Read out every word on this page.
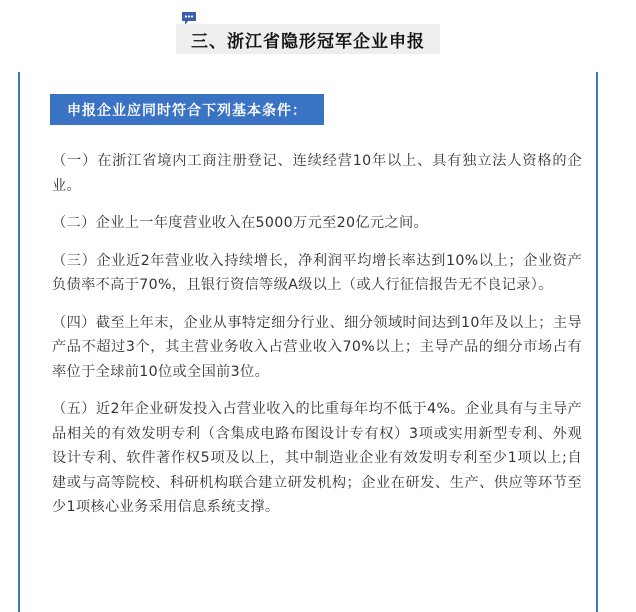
三、浙江省隐形冠军企业申报
申报企业应同时符合下列基本条件：

（一）在浙江省境内工商注册登记、连续经营10年以上、具有独立法人资格的企业。

（二）企业上一年度营业收入在5000万元至20亿元之间。

（三）企业近2年营业收入持续增长，净利润平均增长率达到10%以上；企业资产负债率不高于70%，且银行资信等级A级以上（或人行征信报告无不良记录）。

（四）截至上年末，企业从事特定细分行业、细分领域时间达到10年及以上；主导产品不超过3个，其主营业务收入占营业收入70%以上；主导产品的细分市场占有率位于全球前10位或全国前3位。

（五）近2年企业研发投入占营业收入的比重每年均不低于4%。企业具有与主导产品相关的有效发明专利（含集成电路布图设计专有权）3项或实用新型专利、外观设计专利、软件著作权5项及以上，其中制造业企业有效发明专利至少1项以上;自建或与高等院校、科研机构联合建立研发机构；企业在研发、生产、供应等环节至少1项核心业务采用信息系统支撑。
